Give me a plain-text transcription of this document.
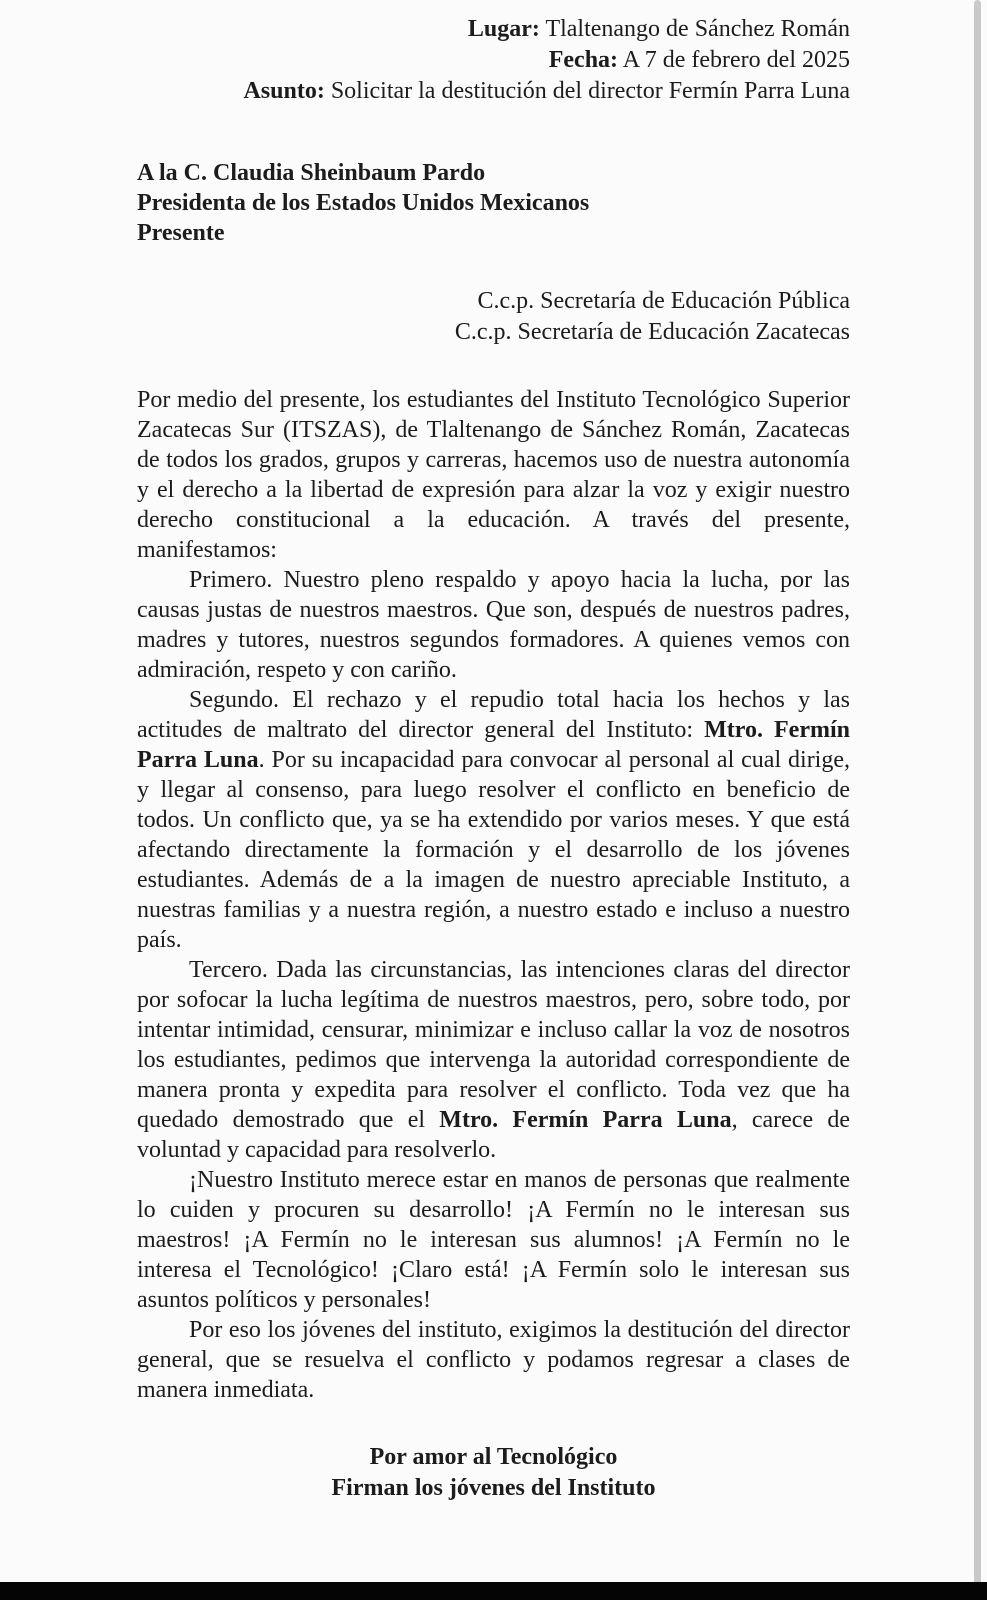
Lugar: Tlaltenango de Sánchez Román
Fecha: A 7 de febrero del 2025
Asunto: Solicitar la destitución del director Fermín Parra Luna
A la C. Claudia Sheinbaum Pardo
Presidenta de los Estados Unidos Mexicanos
Presente
C.c.p. Secretaría de Educación Pública
C.c.p. Secretaría de Educación Zacatecas

Por medio del presente, los estudiantes del Instituto Tecnológico Superior Zacatecas Sur (ITSZAS), de Tlaltenango de Sánchez Román, Zacatecas de todos los grados, grupos y carreras, hacemos uso de nuestra autonomía y el derecho a la libertad de expresión para alzar la voz y exigir nuestro derecho constitucional a la educación. A través del presente, manifestamos:

Primero. Nuestro pleno respaldo y apoyo hacia la lucha, por las causas justas de nuestros maestros. Que son, después de nuestros padres, madres y tutores, nuestros segundos formadores. A quienes vemos con admiración, respeto y con cariño.

Segundo. El rechazo y el repudio total hacia los hechos y las actitudes de maltrato del director general del Instituto: Mtro. Fermín Parra Luna. Por su incapacidad para convocar al personal al cual dirige, y llegar al consenso, para luego resolver el conflicto en beneficio de todos. Un conflicto que, ya se ha extendido por varios meses. Y que está afectando directamente la formación y el desarrollo de los jóvenes estudiantes. Además de a la imagen de nuestro apreciable Instituto, a nuestras familias y a nuestra región, a nuestro estado e incluso a nuestro país.

Tercero. Dada las circunstancias, las intenciones claras del director por sofocar la lucha legítima de nuestros maestros, pero, sobre todo, por intentar intimidad, censurar, minimizar e incluso callar la voz de nosotros los estudiantes, pedimos que intervenga la autoridad correspondiente de manera pronta y expedita para resolver el conflicto. Toda vez que ha quedado demostrado que el Mtro. Fermín Parra Luna, carece de voluntad y capacidad para resolverlo.

¡Nuestro Instituto merece estar en manos de personas que realmente lo cuiden y procuren su desarrollo! ¡A Fermín no le interesan sus maestros! ¡A Fermín no le interesan sus alumnos! ¡A Fermín no le interesa el Tecnológico! ¡Claro está! ¡A Fermín solo le interesan sus asuntos políticos y personales!

Por eso los jóvenes del instituto, exigimos la destitución del director general, que se resuelva el conflicto y podamos regresar a clases de manera inmediata.

Por amor al Tecnológico
Firman los jóvenes del Instituto
